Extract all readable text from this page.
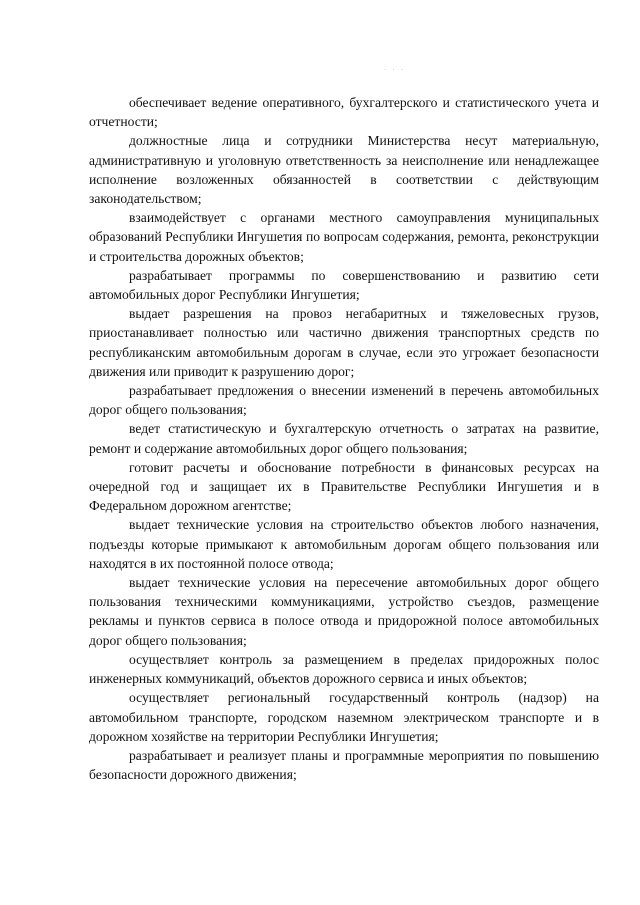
· · ·

обеспечивает ведение оперативного, бухгалтерского и статистического учета и отчетности;

должностные лица и сотрудники Министерства несут материальную, административную и уголовную ответственность за неисполнение или ненадлежащее исполнение возложенных обязанностей в соответствии с действующим законодательством;

взаимодействует с органами местного самоуправления муниципальных образований Республики Ингушетия по вопросам содержания, ремонта, реконструкции и строительства дорожных объектов;

разрабатывает программы по совершенствованию и развитию сети автомобильных дорог Республики Ингушетия;

выдает разрешения на провоз негабаритных и тяжеловесных грузов, приостанавливает полностью или частично движения транспортных средств по республиканским автомобильным дорогам в случае, если это угрожает безопасности движения или приводит к разрушению дорог;

разрабатывает предложения о внесении изменений в перечень автомобильных дорог общего пользования;

ведет статистическую и бухгалтерскую отчетность о затратах на развитие, ремонт и содержание автомобильных дорог общего пользования;

готовит расчеты и обоснование потребности в финансовых ресурсах на очередной год и защищает их в Правительстве Республики Ингушетия и в Федеральном дорожном агентстве;

выдает технические условия на строительство объектов любого назначения, подъезды которые примыкают к автомобильным дорогам общего пользования или находятся в их постоянной полосе отвода;

выдает технические условия на пересечение автомобильных дорог общего пользования техническими коммуникациями, устройство съездов, размещение рекламы и пунктов сервиса в полосе отвода и придорожной полосе автомобильных дорог общего пользования;

осуществляет контроль за размещением в пределах придорожных полос инженерных коммуникаций, объектов дорожного сервиса и иных объектов;

осуществляет региональный государственный контроль (надзор) на автомобильном транспорте, городском наземном электрическом транспорте и в дорожном хозяйстве на территории Республики Ингушетия;

разрабатывает и реализует планы и программные мероприятия по повышению безопасности дорожного движения;
